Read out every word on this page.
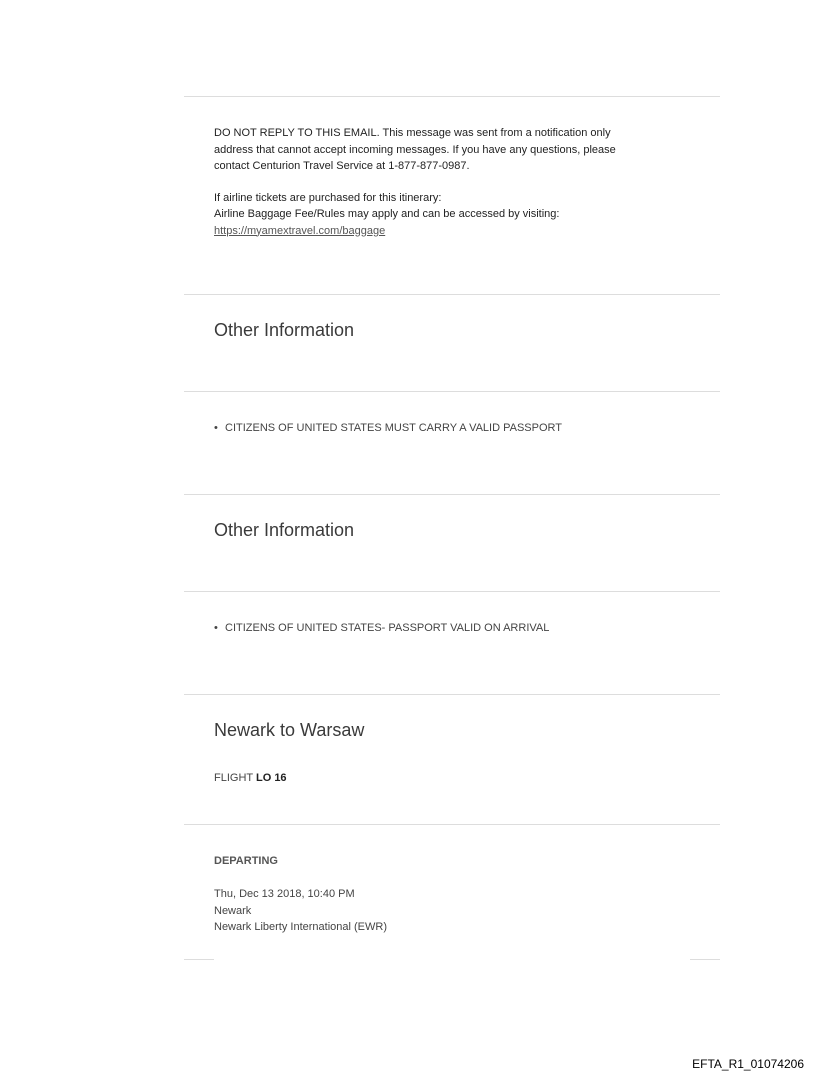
DO NOT REPLY TO THIS EMAIL. This message was sent from a notification only

address that cannot accept incoming messages. If you have any questions, please

contact Centurion Travel Service at 1-877-877-0987.

If airline tickets are purchased for this itinerary:

Airline Baggage Fee/Rules may apply and can be accessed by visiting:

https://myamextravel.com/baggage

Other Information
• CITIZENS OF UNITED STATES MUST CARRY A VALID PASSPORT
Other Information
• CITIZENS OF UNITED STATES- PASSPORT VALID ON ARRIVAL
Newark to Warsaw
FLIGHT LO 16
DEPARTING
Thu, Dec 13 2018, 10:40 PM
Newark
Newark Liberty International (EWR)
EFTA_R1_01074206
